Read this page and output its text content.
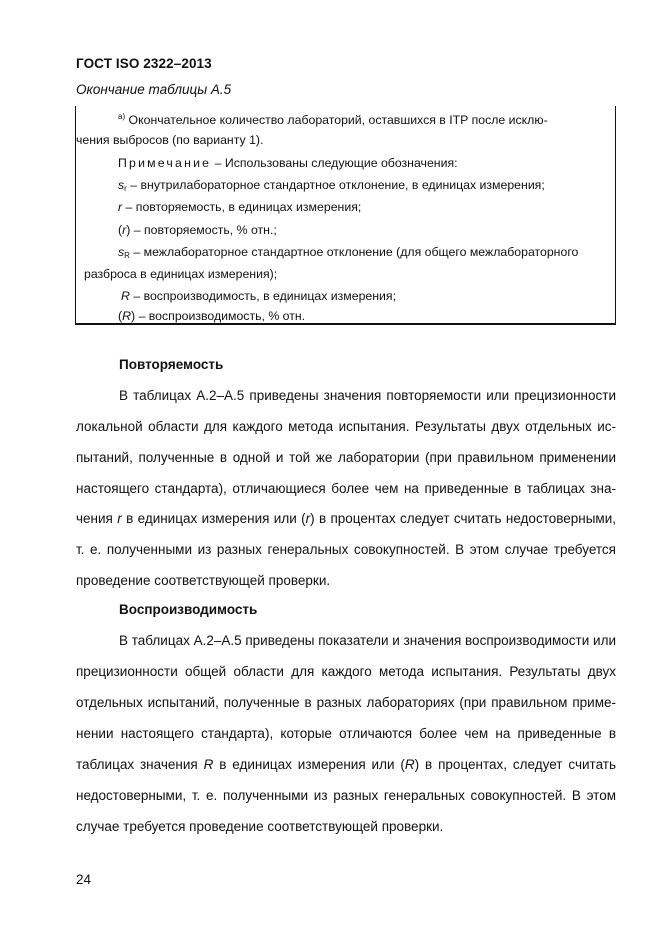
ГОСТ ISO 2322–2013
Окончание таблицы А.5
$^{a)}$ Окончательное количество лабораторий, оставшихся в ITP после исклю-
чения выбросов (по варианту 1).
Примечание – Использованы следующие обозначения:
$s_r$ – внутрилабораторное стандартное отклонение, в единицах измерения;
r – повторяемость, в единицах измерения;
(r) – повторяемость, % отн.;
$s_R$ – межлабораторное стандартное отклонение (для общего межлабораторного
разброса в единицах измерения);
R – воспроизводимость, в единицах измерения;
(R) – воспроизводимость, % отн.
Повторяемость
В таблицах А.2–А.5 приведены значения повторяемости или прецизионности
локальной области для каждого метода испытания. Результаты двух отдельных ис-
пытаний, полученные в одной и той же лаборатории (при правильном применении
настоящего стандарта), отличающиеся более чем на приведенные в таблицах зна-
чения r в единицах измерения или (r) в процентах следует считать недостоверными,
т. е. полученными из разных генеральных совокупностей. В этом случае требуется
проведение соответствующей проверки.
Воспроизводимость
В таблицах А.2–А.5 приведены показатели и значения воспроизводимости или
прецизионности общей области для каждого метода испытания. Результаты двух
отдельных испытаний, полученные в разных лабораториях (при правильном приме-
нении настоящего стандарта), которые отличаются более чем на приведенные в
таблицах значения R в единицах измерения или (R) в процентах, следует считать
недостоверными, т. е. полученными из разных генеральных совокупностей. В этом
случае требуется проведение соответствующей проверки.
24
